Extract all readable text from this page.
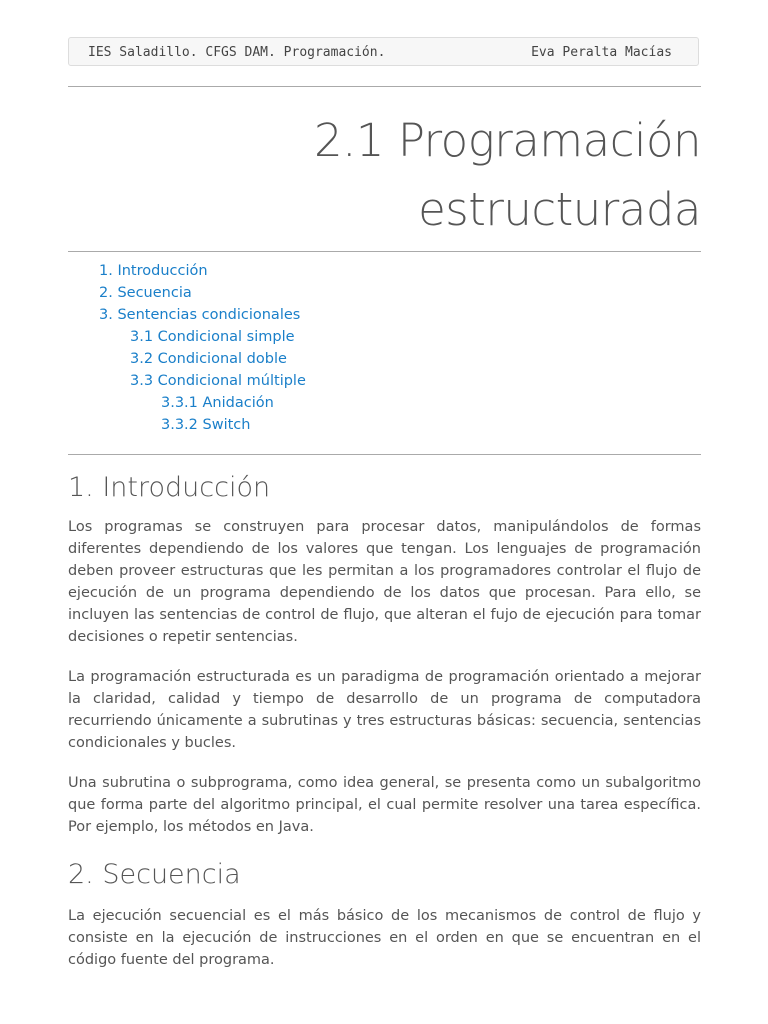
IES Saladillo. CFGS DAM. Programación.	Eva Peralta Macías
2.1 Programación
estructurada
1. Introducción
2. Secuencia
3. Sentencias condicionales
3.1 Condicional simple
3.2 Condicional doble
3.3 Condicional múltiple
3.3.1 Anidación
3.3.2 Switch
1. Introducción

Los programas se construyen para procesar datos, manipulándolos de formas diferentes dependiendo de los valores que tengan. Los lenguajes de programación deben proveer estructuras que les permitan a los programadores controlar el flujo de ejecución de un programa dependiendo de los datos que procesan. Para ello, se incluyen las sentencias de control de flujo, que alteran el fujo de ejecución para tomar decisiones o repetir sentencias.

La programación estructurada es un paradigma de programación orientado a mejorar la claridad, calidad y tiempo de desarrollo de un programa de computadora recurriendo únicamente a subrutinas y tres estructuras básicas: secuencia, sentencias condicionales y bucles.

Una subrutina o subprograma, como idea general, se presenta como un subalgoritmo que forma parte del algoritmo principal, el cual permite resolver una tarea específica. Por ejemplo, los métodos en Java.

2. Secuencia

La ejecución secuencial es el más básico de los mecanismos de control de flujo y consiste en la ejecución de instrucciones en el orden en que se encuentran en el código fuente del programa.
